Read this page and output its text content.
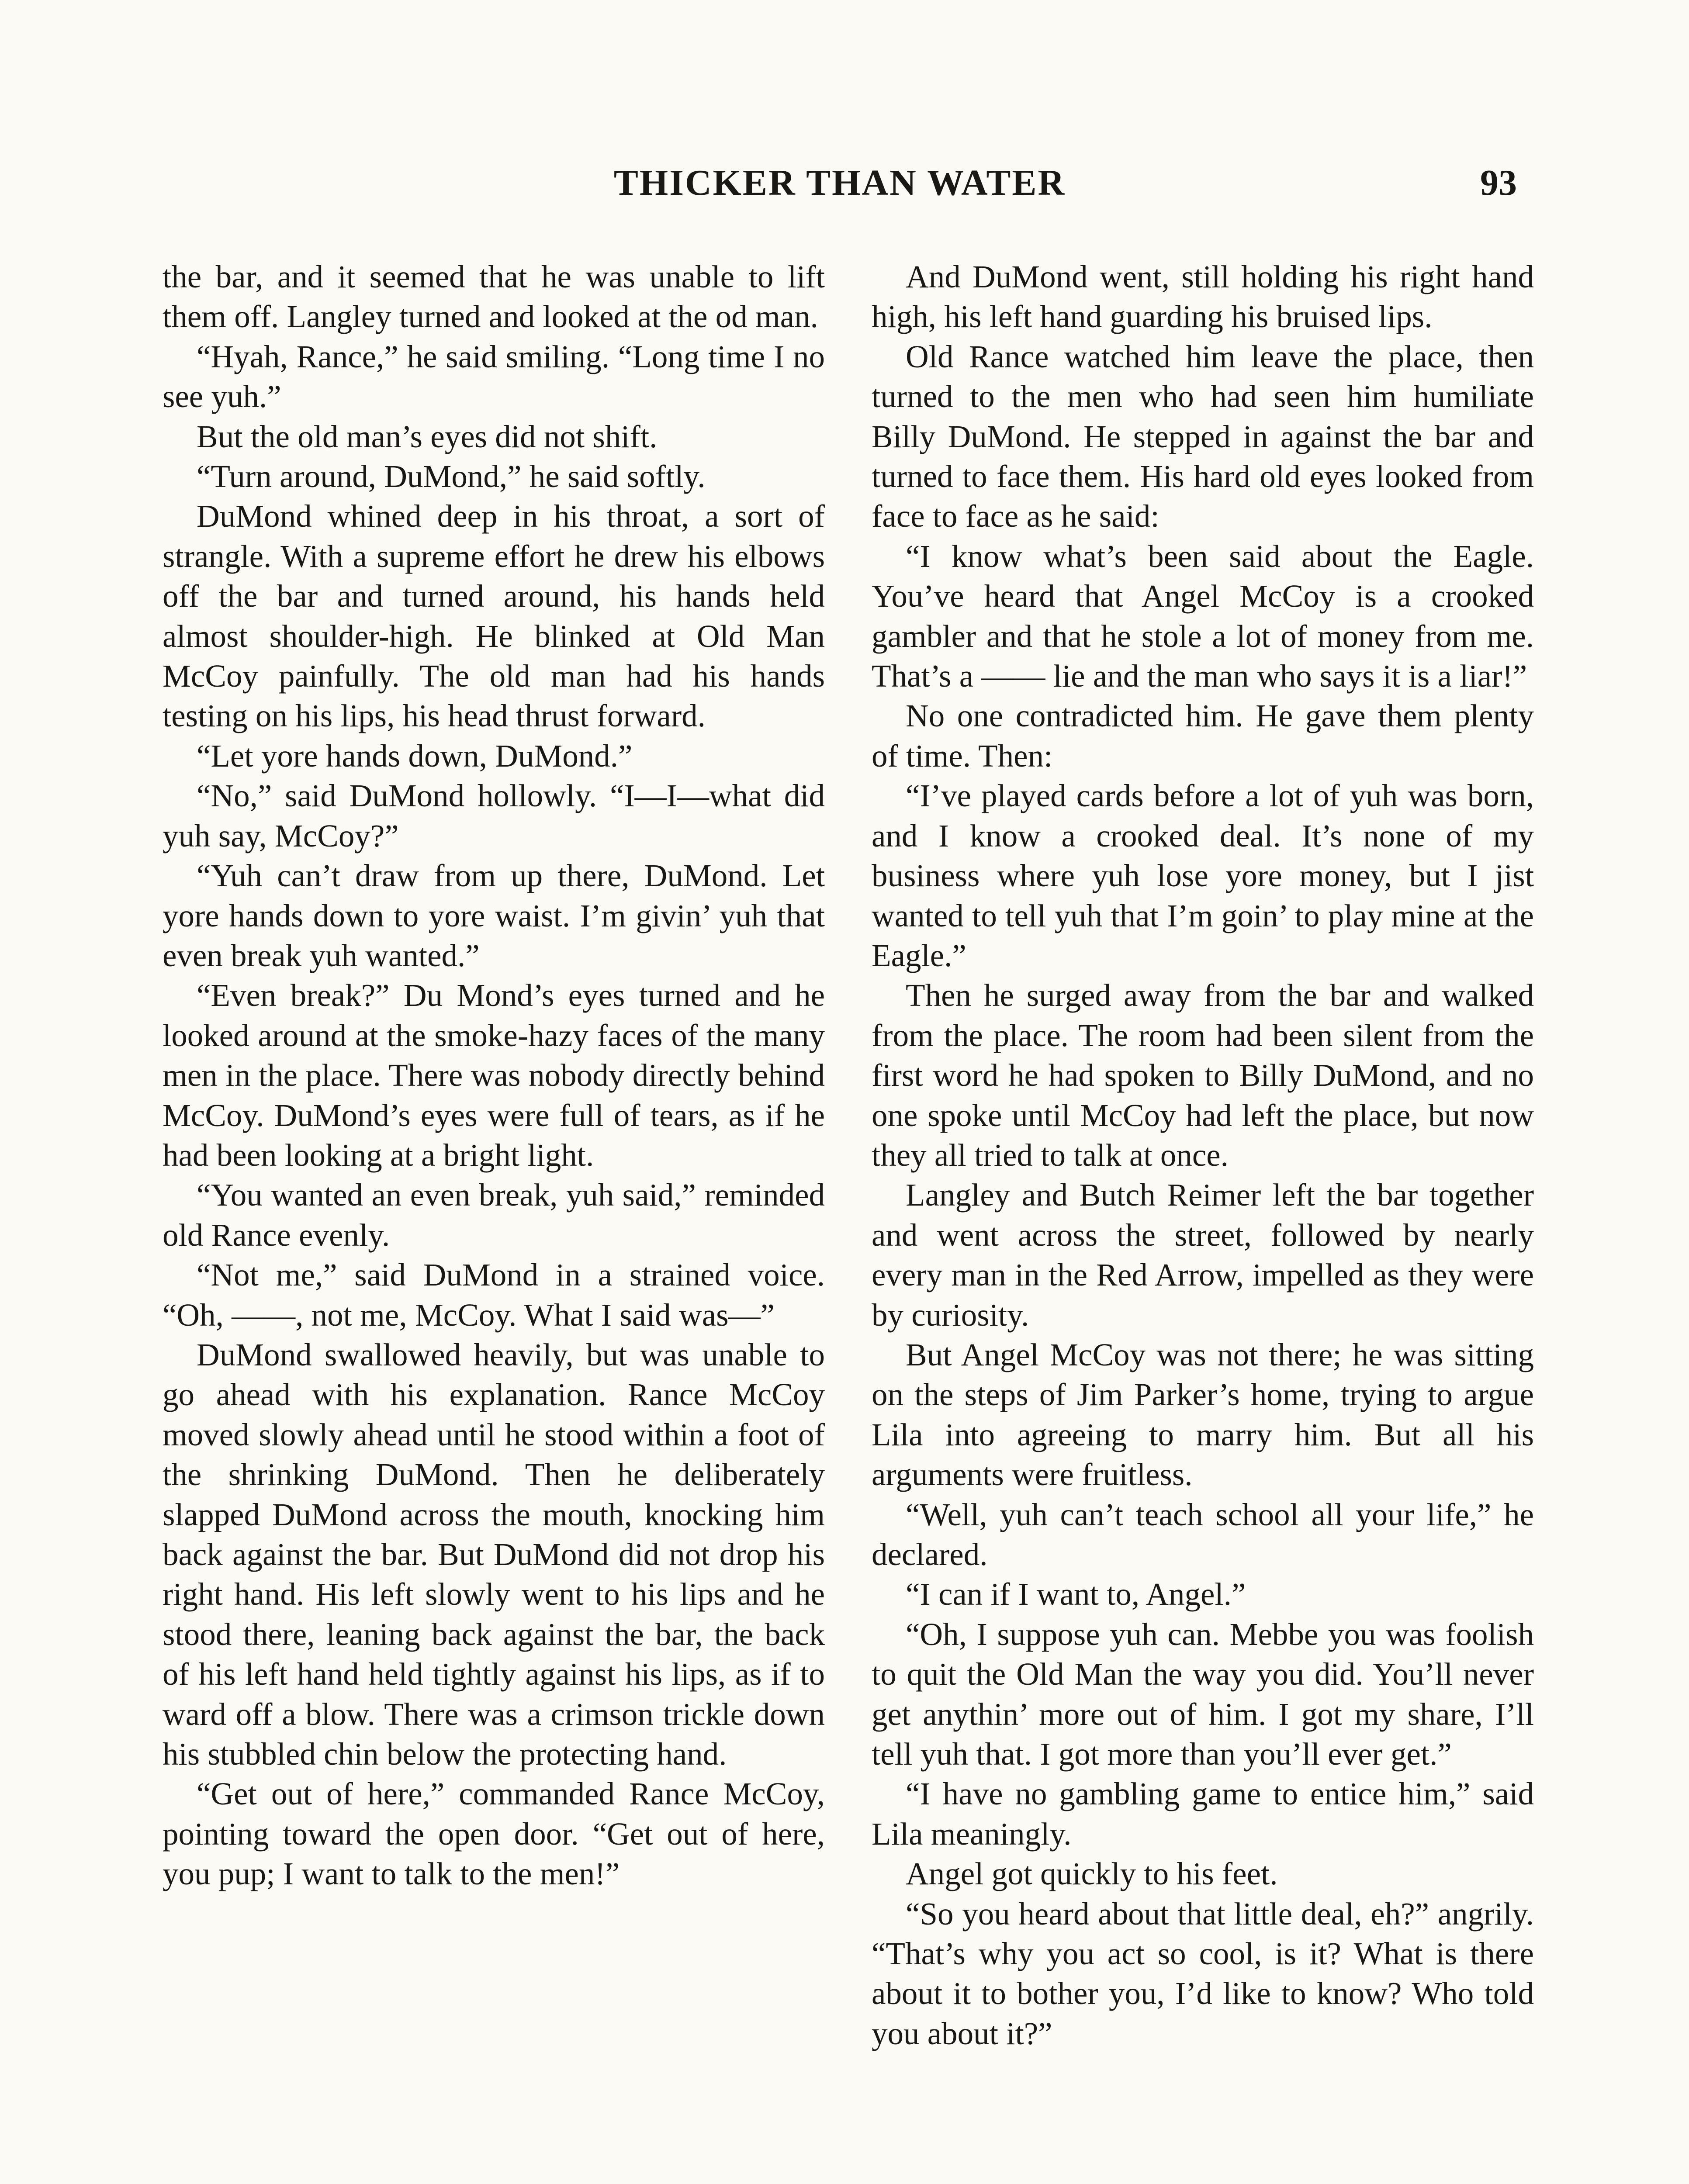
THICKER THAN WATER	93

the bar, and it seemed that he was unable to lift them off. Langley turned and looked at the od man.

“Hyah, Rance,” he said smiling. “Long time I no see yuh.”

But the old man’s eyes did not shift.

“Turn around, DuMond,” he said softly.

DuMond whined deep in his throat, a sort of strangle. With a supreme effort he drew his elbows off the bar and turned around, his hands held almost shoulder-high. He blinked at Old Man McCoy painfully. The old man had his hands testing on his lips, his head thrust forward.

“Let yore hands down, DuMond.”

“No,” said DuMond hollowly. “I—I—what did yuh say, McCoy?”

“Yuh can’t draw from up there, DuMond. Let yore hands down to yore waist. I’m givin’ yuh that even break yuh wanted.”

“Even break?” Du Mond’s eyes turned and he looked around at the smoke-hazy faces of the many men in the place. There was nobody directly behind McCoy. DuMond’s eyes were full of tears, as if he had been looking at a bright light.

“You wanted an even break, yuh said,” reminded old Rance evenly.

“Not me,” said DuMond in a strained voice. “Oh, ——, not me, McCoy. What I said was—”

DuMond swallowed heavily, but was unable to go ahead with his explanation. Rance McCoy moved slowly ahead until he stood within a foot of the shrinking DuMond. Then he deliberately slapped DuMond across the mouth, knocking him back against the bar. But DuMond did not drop his right hand. His left slowly went to his lips and he stood there, leaning back against the bar, the back of his left hand held tightly against his lips, as if to ward off a blow. There was a crimson trickle down his stubbled chin below the protecting hand.

“Get out of here,” commanded Rance McCoy, pointing toward the open door. “Get out of here, you pup; I want to talk to the men!”

And DuMond went, still holding his right hand high, his left hand guarding his bruised lips.

Old Rance watched him leave the place, then turned to the men who had seen him humiliate Billy DuMond. He stepped in against the bar and turned to face them. His hard old eyes looked from face to face as he said:

“I know what’s been said about the Eagle. You’ve heard that Angel McCoy is a crooked gambler and that he stole a lot of money from me. That’s a —— lie and the man who says it is a liar!”

No one contradicted him. He gave them plenty of time. Then:

“I’ve played cards before a lot of yuh was born, and I know a crooked deal. It’s none of my business where yuh lose yore money, but I jist wanted to tell yuh that I’m goin’ to play mine at the Eagle.”

Then he surged away from the bar and walked from the place. The room had been silent from the first word he had spoken to Billy DuMond, and no one spoke until McCoy had left the place, but now they all tried to talk at once.

Langley and Butch Reimer left the bar together and went across the street, followed by nearly every man in the Red Arrow, impelled as they were by curiosity.

But Angel McCoy was not there; he was sitting on the steps of Jim Parker’s home, trying to argue Lila into agreeing to marry him. But all his arguments were fruitless.

“Well, yuh can’t teach school all your life,” he declared.

“I can if I want to, Angel.”

“Oh, I suppose yuh can. Mebbe you was foolish to quit the Old Man the way you did. You’ll never get anythin’ more out of him. I got my share, I’ll tell yuh that. I got more than you’ll ever get.”

“I have no gambling game to entice him,” said Lila meaningly.

Angel got quickly to his feet.

“So you heard about that little deal, eh?” angrily. “That’s why you act so cool, is it? What is there about it to bother you, I’d like to know? Who told you about it?”
